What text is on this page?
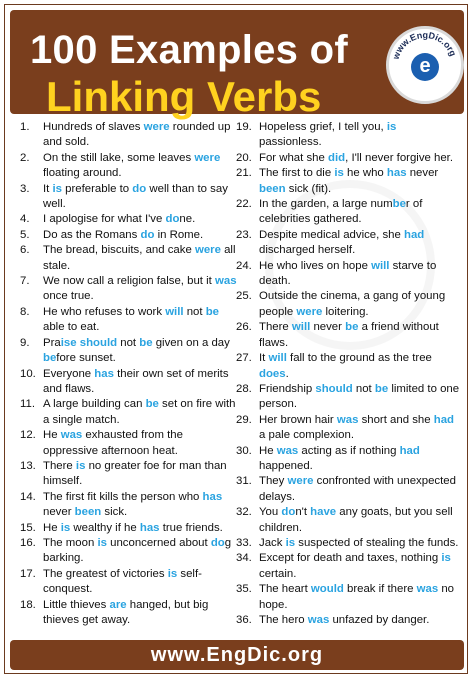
100 Examples of
Linking Verbs
www.EngDic.org
e
1.	Hundreds of slaves were rounded up and sold.
2.	On the still lake, some leaves were floating around.
3.	It is preferable to do well than to say well.
4.	I apologise for what I've done.
5.	Do as the Romans do in Rome.
6.	The bread, biscuits, and cake were all stale.
7.	We now call a religion false, but it was once true.
8.	He who refuses to work will not be able to eat.
9.	Praise should not be given on a day before sunset.
10. Everyone has their own set of merits and flaws.
11. A large building can be set on fire with a single match.
12. He was exhausted from the oppressive afternoon heat.
13. There is no greater foe for man than himself.
14. The first fit kills the person who has never been sick.
15. He is wealthy if he has true friends.
16. The moon is unconcerned about dog barking.
17. The greatest of victories is self-conquest.
18. Little thieves are hanged, but big thieves get away.
19. Hopeless grief, I tell you, is passionless.
20. For what she did, I'll never forgive her.
21. The first to die is he who has never been sick (fit).
22. In the garden, a large number of celebrities gathered.
23. Despite medical advice, she had discharged herself.
24. He who lives on hope will starve to death.
25. Outside the cinema, a gang of young people were loitering.
26. There will never be a friend without flaws.
27. It will fall to the ground as the tree does.
28. Friendship should not be limited to one person.
29. Her brown hair was short and she had a pale complexion.
30. He was acting as if nothing had happened.
31. They were confronted with unexpected delays.
32. You don't have any goats, but you sell children.
33. Jack is suspected of stealing the funds.
34. Except for death and taxes, nothing is certain.
35. The heart would break if there was no hope.
36. The hero was unfazed by danger.
www.EngDic.org
